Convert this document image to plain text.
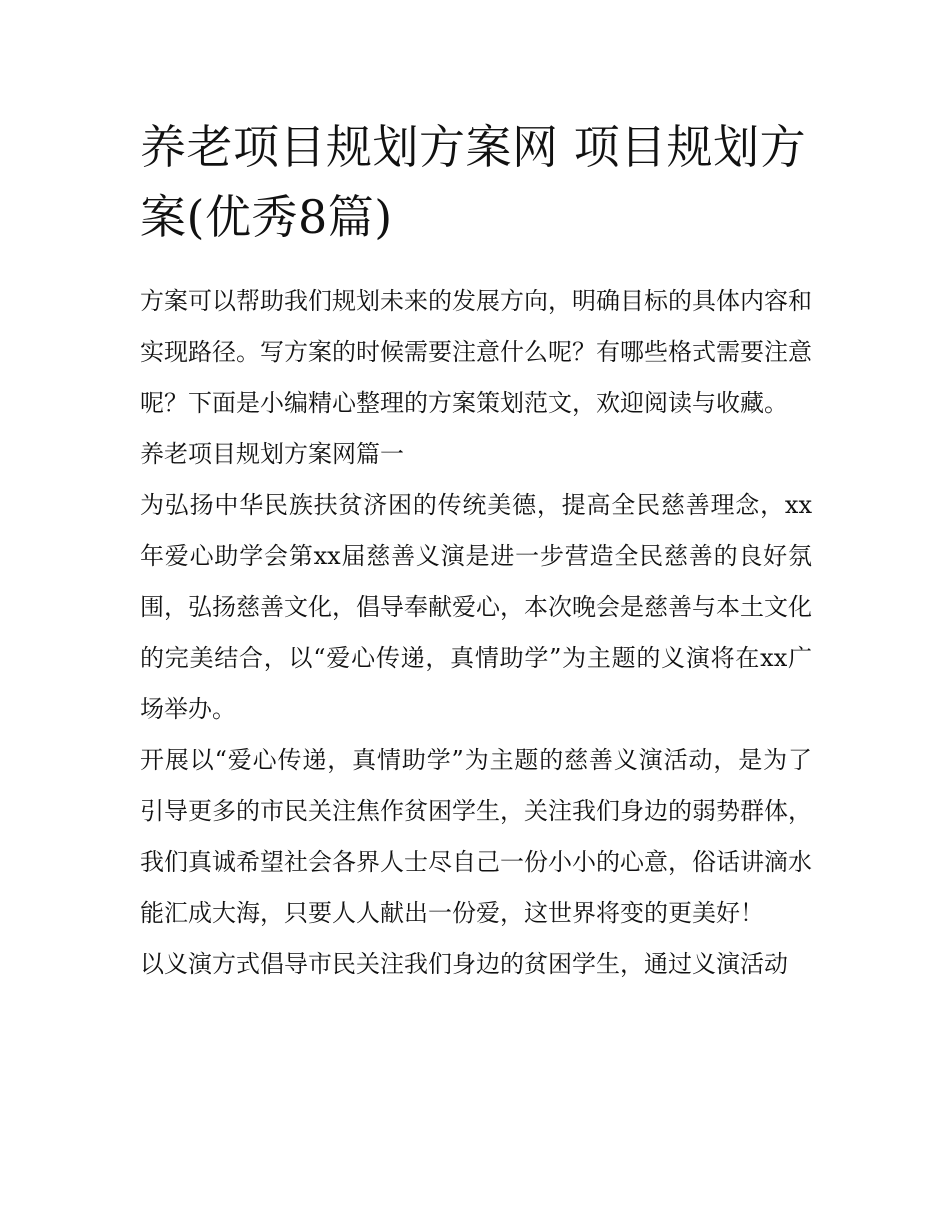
养老项目规划方案网 项目规划方案(优秀8篇)

方案可以帮助我们规划未来的发展方向，明确目标的具体内容和实现路径。写方案的时候需要注意什么呢？有哪些格式需要注意呢？下面是小编精心整理的方案策划范文，欢迎阅读与收藏。

养老项目规划方案网篇一

为弘扬中华民族扶贫济困的传统美德，提高全民慈善理念，xx年爱心助学会第xx届慈善义演是进一步营造全民慈善的良好氛围，弘扬慈善文化，倡导奉献爱心，本次晚会是慈善与本土文化的完美结合，以“爱心传递，真情助学”为主题的义演将在xx广场举办。

开展以“爱心传递，真情助学”为主题的慈善义演活动，是为了引导更多的市民关注焦作贫困学生，关注我们身边的弱势群体，我们真诚希望社会各界人士尽自己一份小小的心意，俗话讲滴水能汇成大海，只要人人献出一份爱，这世界将变的更美好！

以义演方式倡导市民关注我们身边的贫困学生，通过义演活动
